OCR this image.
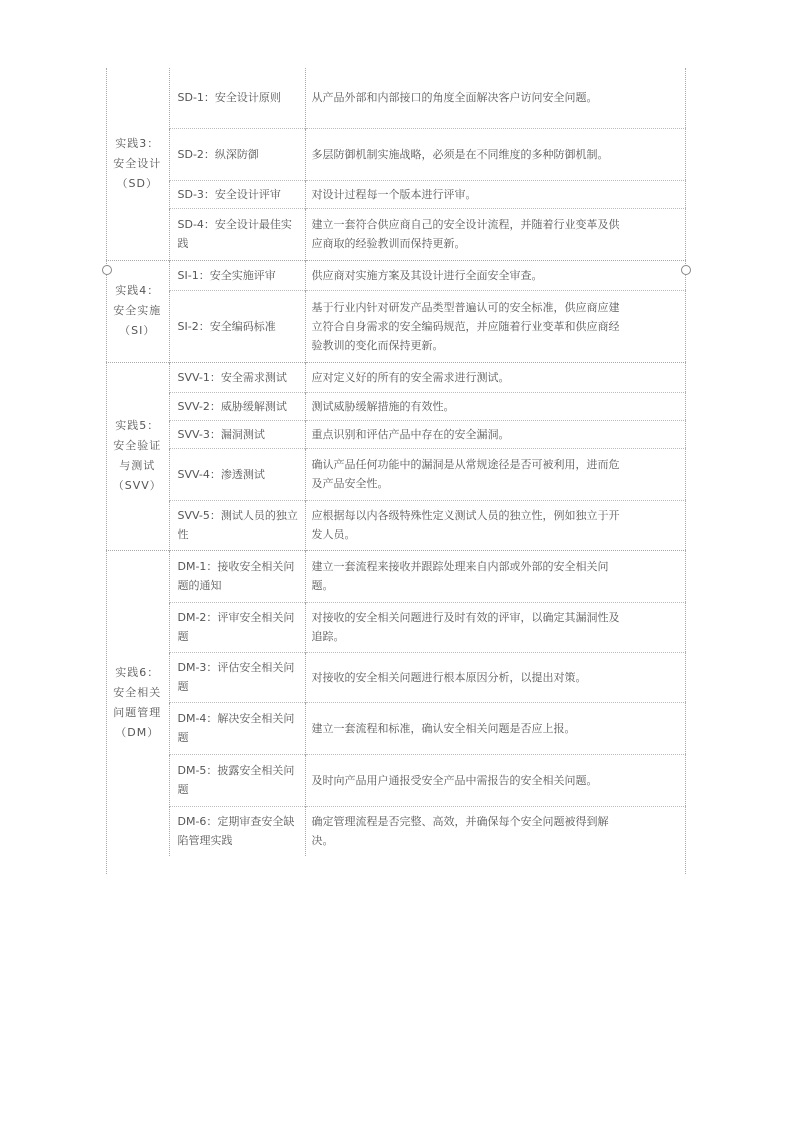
实践3：安全设计（SD）	SD-1：安全设计原则	从产品外部和内部接口的角度全面解决客户访问安全问题。
	SD-2：纵深防御	多层防御机制实施战略，必须是在不同维度的多种防御机制。
	SD-3：安全设计评审	对设计过程每一个版本进行评审。
	SD-4：安全设计最佳实践	建立一套符合供应商自己的安全设计流程，并随着行业变革及供应商取的经验教训而保持更新。
实践4：安全实施（SI）	SI-1：安全实施评审	供应商对实施方案及其设计进行全面安全审查。
	SI-2：安全编码标准	基于行业内针对研发产品类型普遍认可的安全标准，供应商应建立符合自身需求的安全编码规范，并应随着行业变革和供应商经验教训的变化而保持更新。
实践5：安全验证与测试（SVV）	SVV-1：安全需求测试	应对定义好的所有的安全需求进行测试。
	SVV-2：威胁缓解测试	测试威胁缓解措施的有效性。
	SVV-3：漏洞测试	重点识别和评估产品中存在的安全漏洞。
	SVV-4：渗透测试	确认产品任何功能中的漏洞是从常规途径是否可被利用，进而危及产品安全性。
	SVV-5：测试人员的独立性	应根据每以内各级特殊性定义测试人员的独立性，例如独立于开发人员。
实践6：安全相关问题管理（DM）	DM-1：接收安全相关问题的通知	建立一套流程来接收并跟踪处理来自内部或外部的安全相关问题。
	DM-2：评审安全相关问题	对接收的安全相关问题进行及时有效的评审，以确定其漏洞性及追踪。
	DM-3：评估安全相关问题	对接收的安全相关问题进行根本原因分析，以提出对策。
	DM-4：解决安全相关问题	建立一套流程和标准，确认安全相关问题是否应上报。
	DM-5：披露安全相关问题	及时向产品用户通报受安全产品中需报告的安全相关问题。
	DM-6：定期审查安全缺陷管理实践	确定管理流程是否完整、高效，并确保每个安全问题被得到解决。
